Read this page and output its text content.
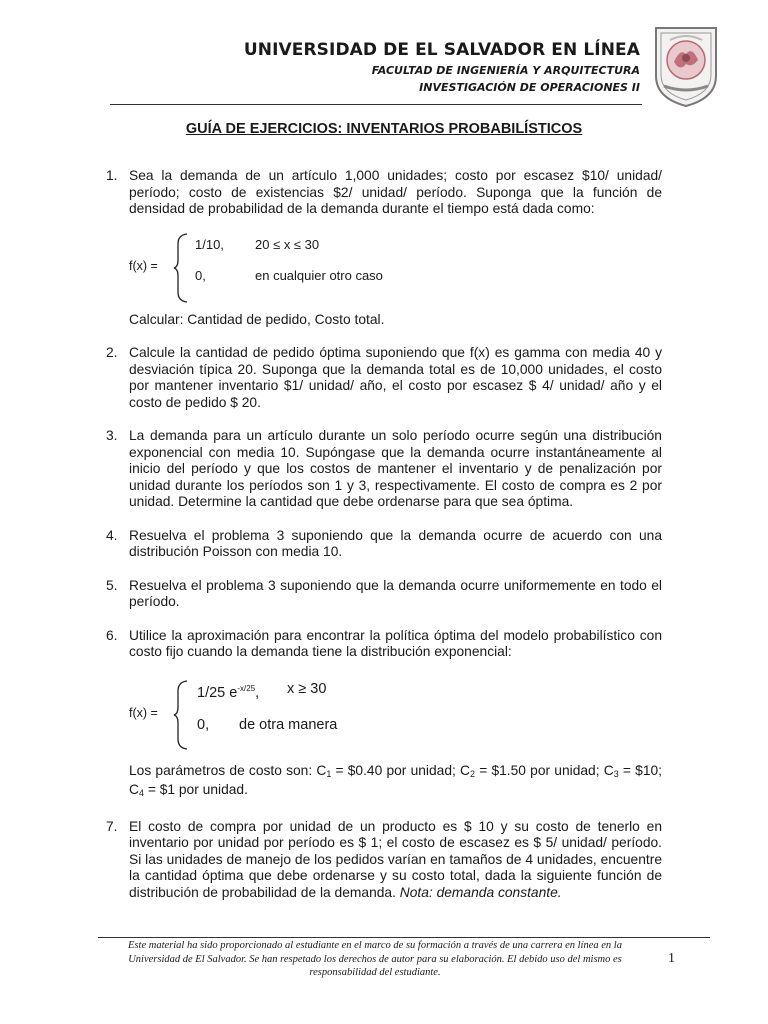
UNIVERSIDAD DE EL SALVADOR EN LÍNEA
FACULTAD DE INGENIERÍA Y ARQUITECTURA
INVESTIGACIÓN DE OPERACIONES II
GUÍA DE EJERCICIOS: INVENTARIOS PROBABILÍSTICOS
1. Sea la demanda de un artículo 1,000 unidades; costo por escasez $10/ unidad/ período; costo de existencias $2/ unidad/ período. Suponga que la función de densidad de probabilidad de la demanda durante el tiempo está dada como:
f(x) =
1/10, 20 ≤ x ≤ 30
0,	en cualquier otro caso
Calcular: Cantidad de pedido, Costo total.
2. Calcule la cantidad de pedido óptima suponiendo que f(x) es gamma con media 40 y desviación típica 20. Suponga que la demanda total es de 10,000 unidades, el costo por mantener inventario $1/ unidad/ año, el costo por escasez $ 4/ unidad/ año y el costo de pedido $ 20.
3. La demanda para un artículo durante un solo período ocurre según una distribución exponencial con media 10. Supóngase que la demanda ocurre instantáneamente al inicio del período y que los costos de mantener el inventario y de penalización por unidad durante los períodos son 1 y 3, respectivamente. El costo de compra es 2 por unidad. Determine la cantidad que debe ordenarse para que sea óptima.
4. Resuelva el problema 3 suponiendo que la demanda ocurre de acuerdo con una distribución Poisson con media 10.
5. Resuelva el problema 3 suponiendo que la demanda ocurre uniformemente en todo el período.
6. Utilice la aproximación para encontrar la política óptima del modelo probabilístico con costo fijo cuando la demanda tiene la distribución exponencial:
f(x) =
1/25 $e^{-x/25}$, x ≥ 30
0, de otra manera
Los parámetros de costo son: $C_1$ = $0.40 por unidad; $C_2$ = $1.50 por unidad; $C_3$ = $10; $C_4$ = $1 por unidad.
7. El costo de compra por unidad de un producto es $ 10 y su costo de tenerlo en inventario por unidad por período es $ 1; el costo de escasez es $ 5/ unidad/ período. Si las unidades de manejo de los pedidos varían en tamaños de 4 unidades, encuentre la cantidad óptima que debe ordenarse y su costo total, dada la siguiente función de distribución de probabilidad de la demanda. Nota: demanda constante.
Este material ha sido proporcionado al estudiante en el marco de su formación a través de una carrera en línea en la Universidad de El Salvador. Se han respetado los derechos de autor para su elaboración. El debido uso del mismo es responsabilidad del estudiante.
1
